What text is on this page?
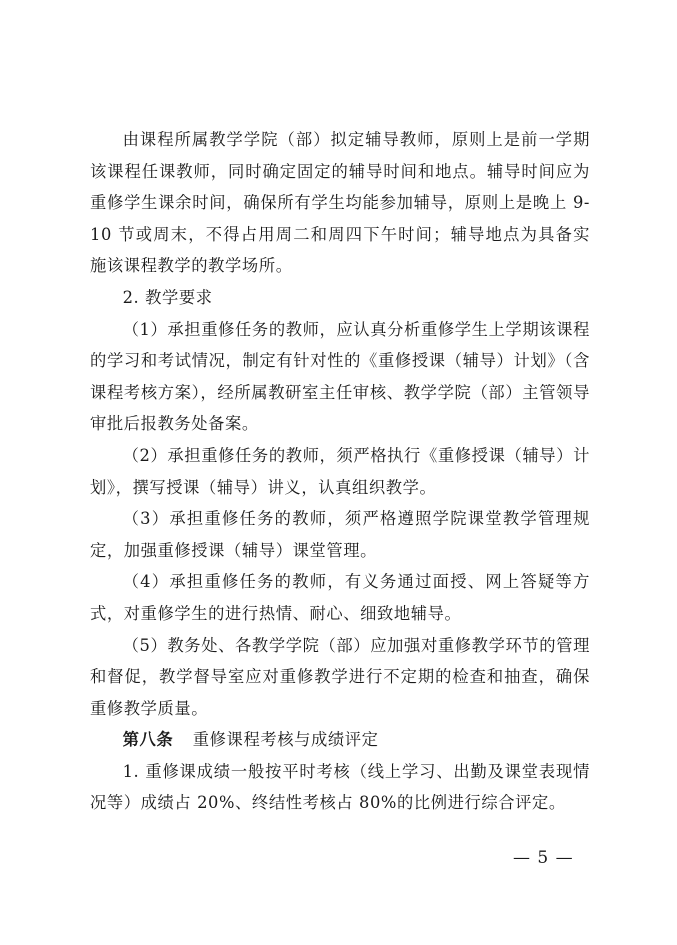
由课程所属教学学院（部）拟定辅导教师，原则上是前一学期该课程任课教师，同时确定固定的辅导时间和地点。辅导时间应为重修学生课余时间，确保所有学生均能参加辅导，原则上是晚上 9-10 节或周末，不得占用周二和周四下午时间；辅导地点为具备实施该课程教学的教学场所。

2. 教学要求

（1）承担重修任务的教师，应认真分析重修学生上学期该课程的学习和考试情况，制定有针对性的《重修授课（辅导）计划》（含课程考核方案），经所属教研室主任审核、教学学院（部）主管领导审批后报教务处备案。

（2）承担重修任务的教师，须严格执行《重修授课（辅导）计划》，撰写授课（辅导）讲义，认真组织教学。

（3）承担重修任务的教师，须严格遵照学院课堂教学管理规定，加强重修授课（辅导）课堂管理。

（4）承担重修任务的教师，有义务通过面授、网上答疑等方式，对重修学生的进行热情、耐心、细致地辅导。

（5）教务处、各教学学院（部）应加强对重修教学环节的管理和督促，教学督导室应对重修教学进行不定期的检查和抽查，确保重修教学质量。

第八条 重修课程考核与成绩评定

1. 重修课成绩一般按平时考核（线上学习、出勤及课堂表现情况等）成绩占 20%、终结性考核占 80%的比例进行综合评定。

— 5 —
